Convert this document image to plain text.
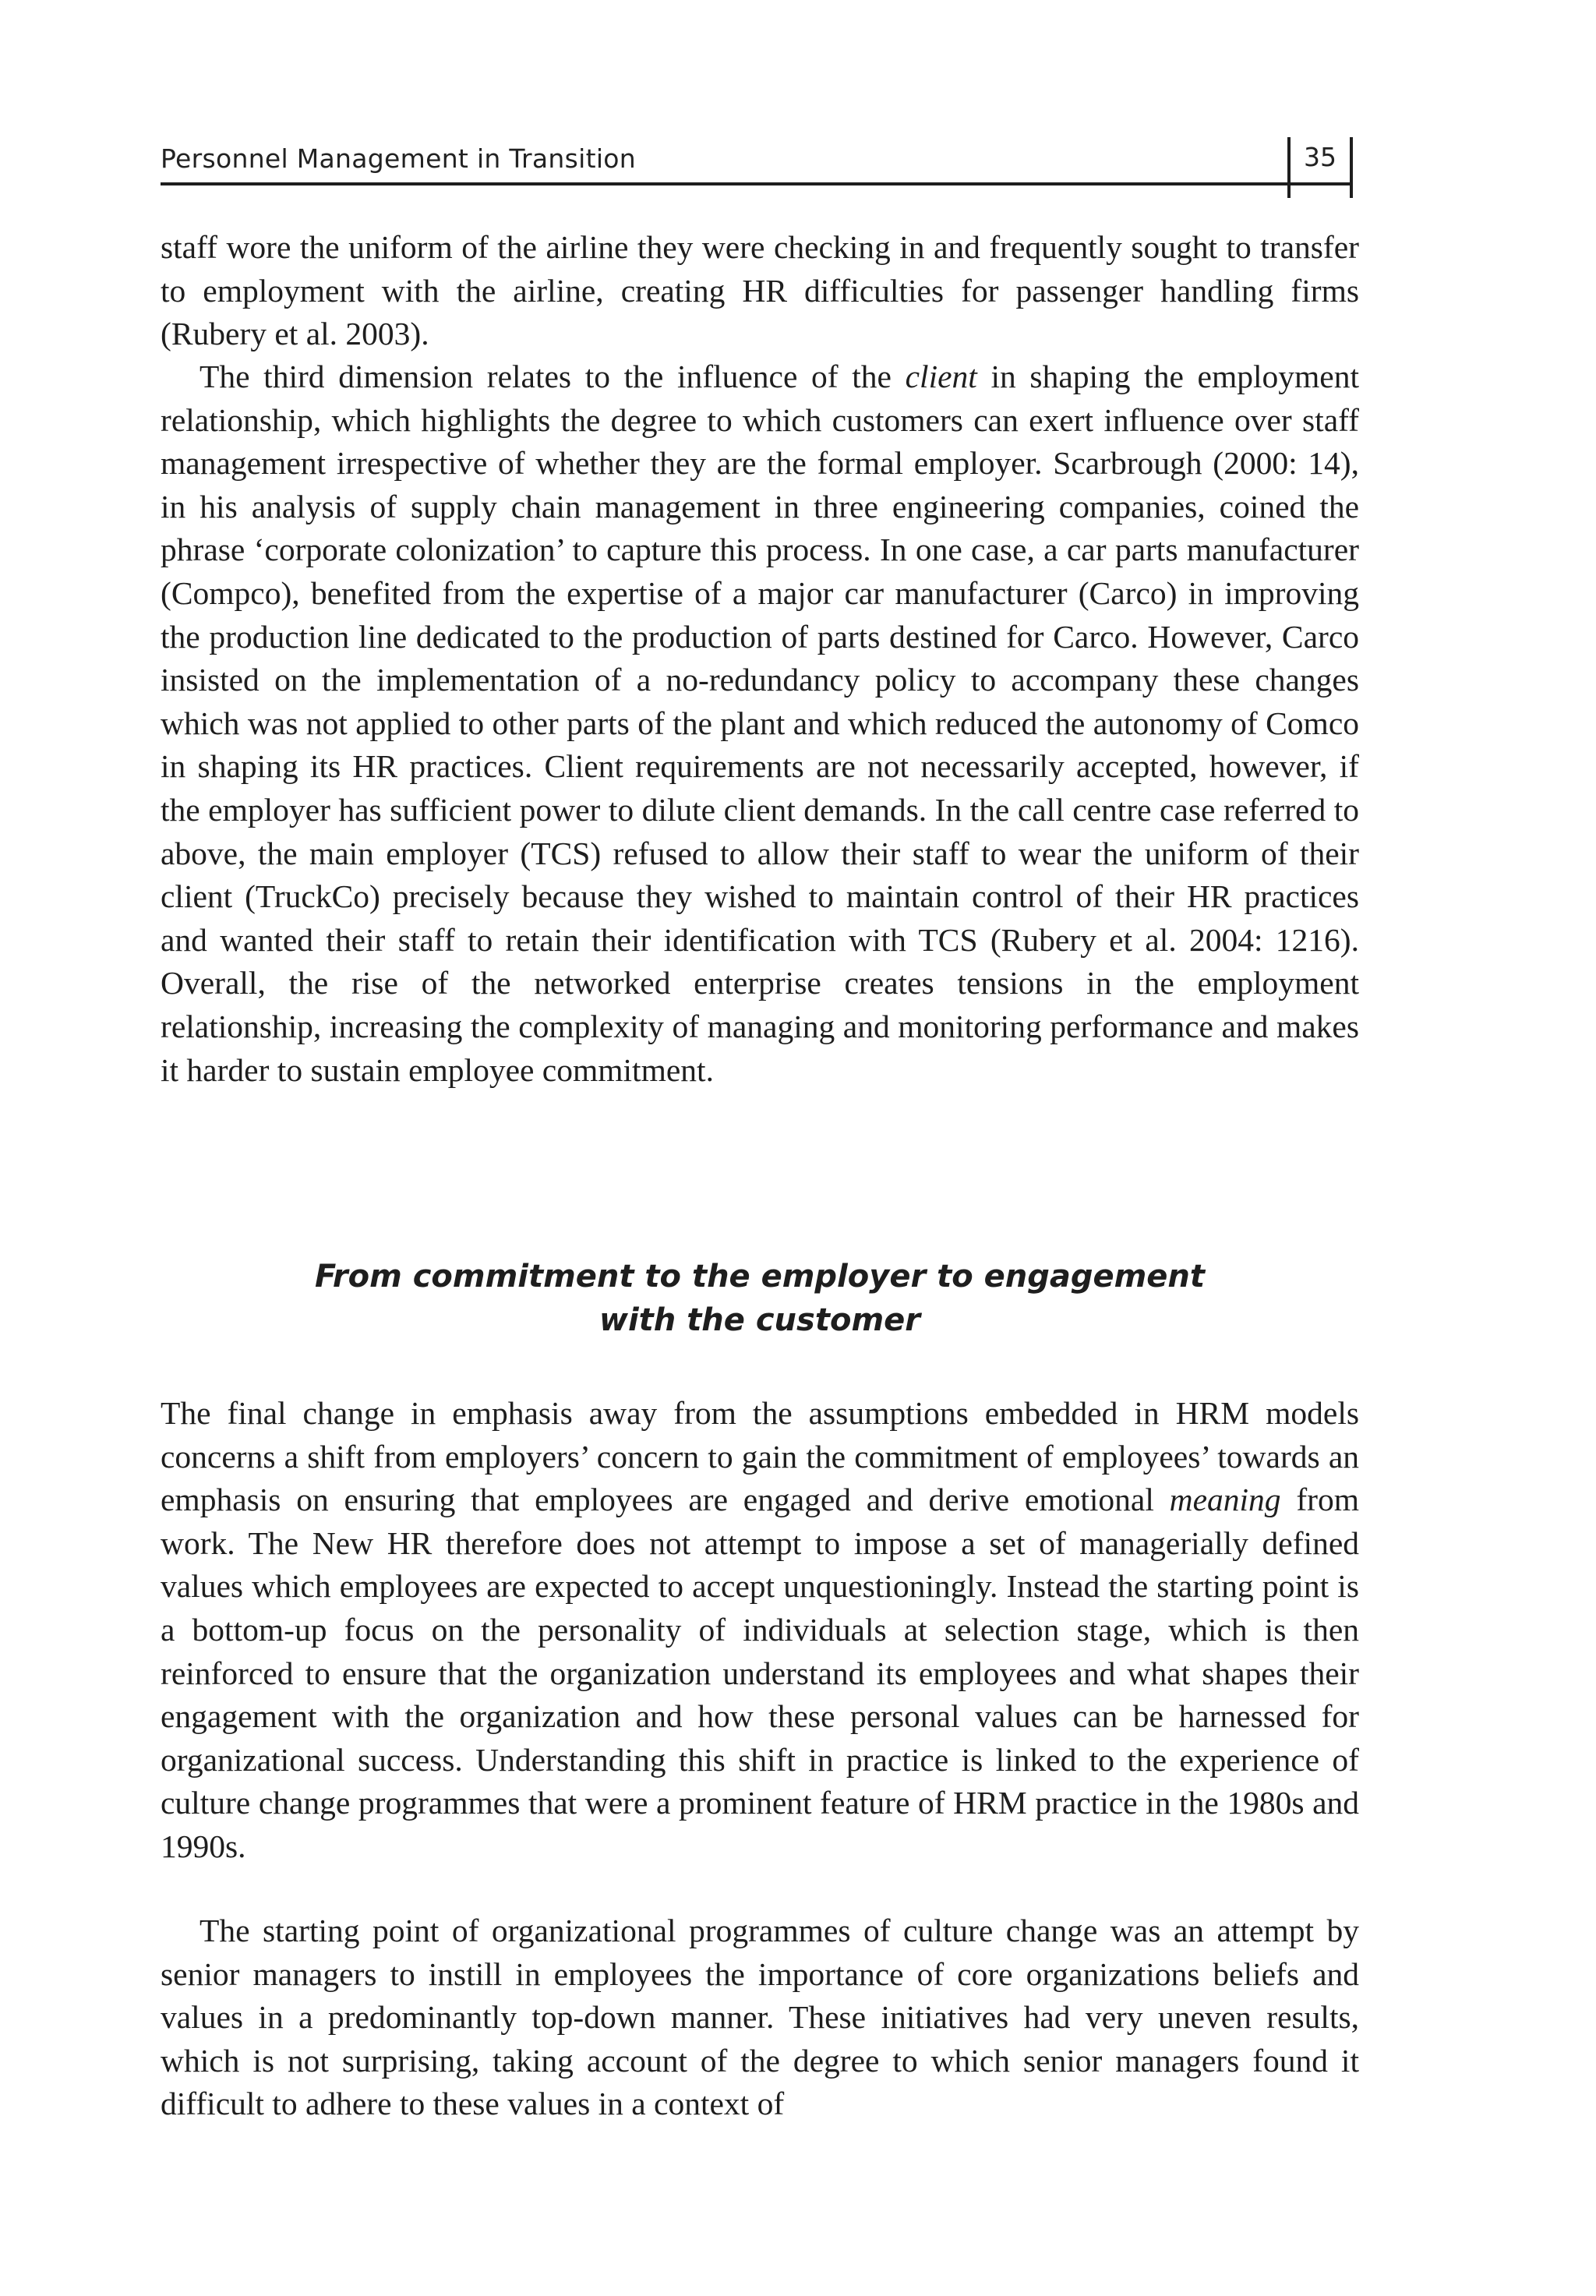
Personnel Management in Transition	35

staff wore the uniform of the airline they were checking in and frequently sought to transfer to employment with the airline, creating HR difficulties for passenger handling firms (Rubery et al. 2003).

The third dimension relates to the influence of the client in shaping the employment relationship, which highlights the degree to which customers can exert influence over staff management irrespective of whether they are the formal employer. Scarbrough (2000: 14), in his analysis of supply chain management in three engineering companies, coined the phrase ‘corporate colonization’ to capture this process. In one case, a car parts manufacturer (Compco), benefited from the expertise of a major car manufacturer (Carco) in improving the production line dedicated to the production of parts destined for Carco. However, Carco insisted on the implementation of a no-redundancy policy to accompany these changes which was not applied to other parts of the plant and which reduced the autonomy of Comco in shaping its HR practices. Client requirements are not necessarily accepted, however, if the employer has sufficient power to dilute client demands. In the call centre case referred to above, the main employer (TCS) refused to allow their staff to wear the uniform of their client (TruckCo) precisely because they wished to maintain control of their HR practices and wanted their staff to retain their identification with TCS (Rubery et al. 2004: 1216). Overall, the rise of the networked enterprise creates tensions in the employment relationship, increasing the complexity of managing and monitoring performance and makes it harder to sustain employee commitment.

From commitment to the employer to engagement
with the customer

The final change in emphasis away from the assumptions embedded in HRM models concerns a shift from employers’ concern to gain the commitment of employees’ towards an emphasis on ensuring that employees are engaged and derive emotional meaning from work. The New HR therefore does not attempt to impose a set of managerially defined values which employees are expected to accept unquestioningly. Instead the starting point is a bottom-up focus on the personality of individuals at selection stage, which is then reinforced to ensure that the organization understand its employees and what shapes their engagement with the organization and how these personal values can be harnessed for organizational success. Understanding this shift in practice is linked to the experience of culture change programmes that were a prominent feature of HRM practice in the 1980s and 1990s.

The starting point of organizational programmes of culture change was an attempt by senior managers to instill in employees the importance of core organizations beliefs and values in a predominantly top-down manner. These initiatives had very uneven results, which is not surprising, taking account of the degree to which senior managers found it difficult to adhere to these values in a context of
